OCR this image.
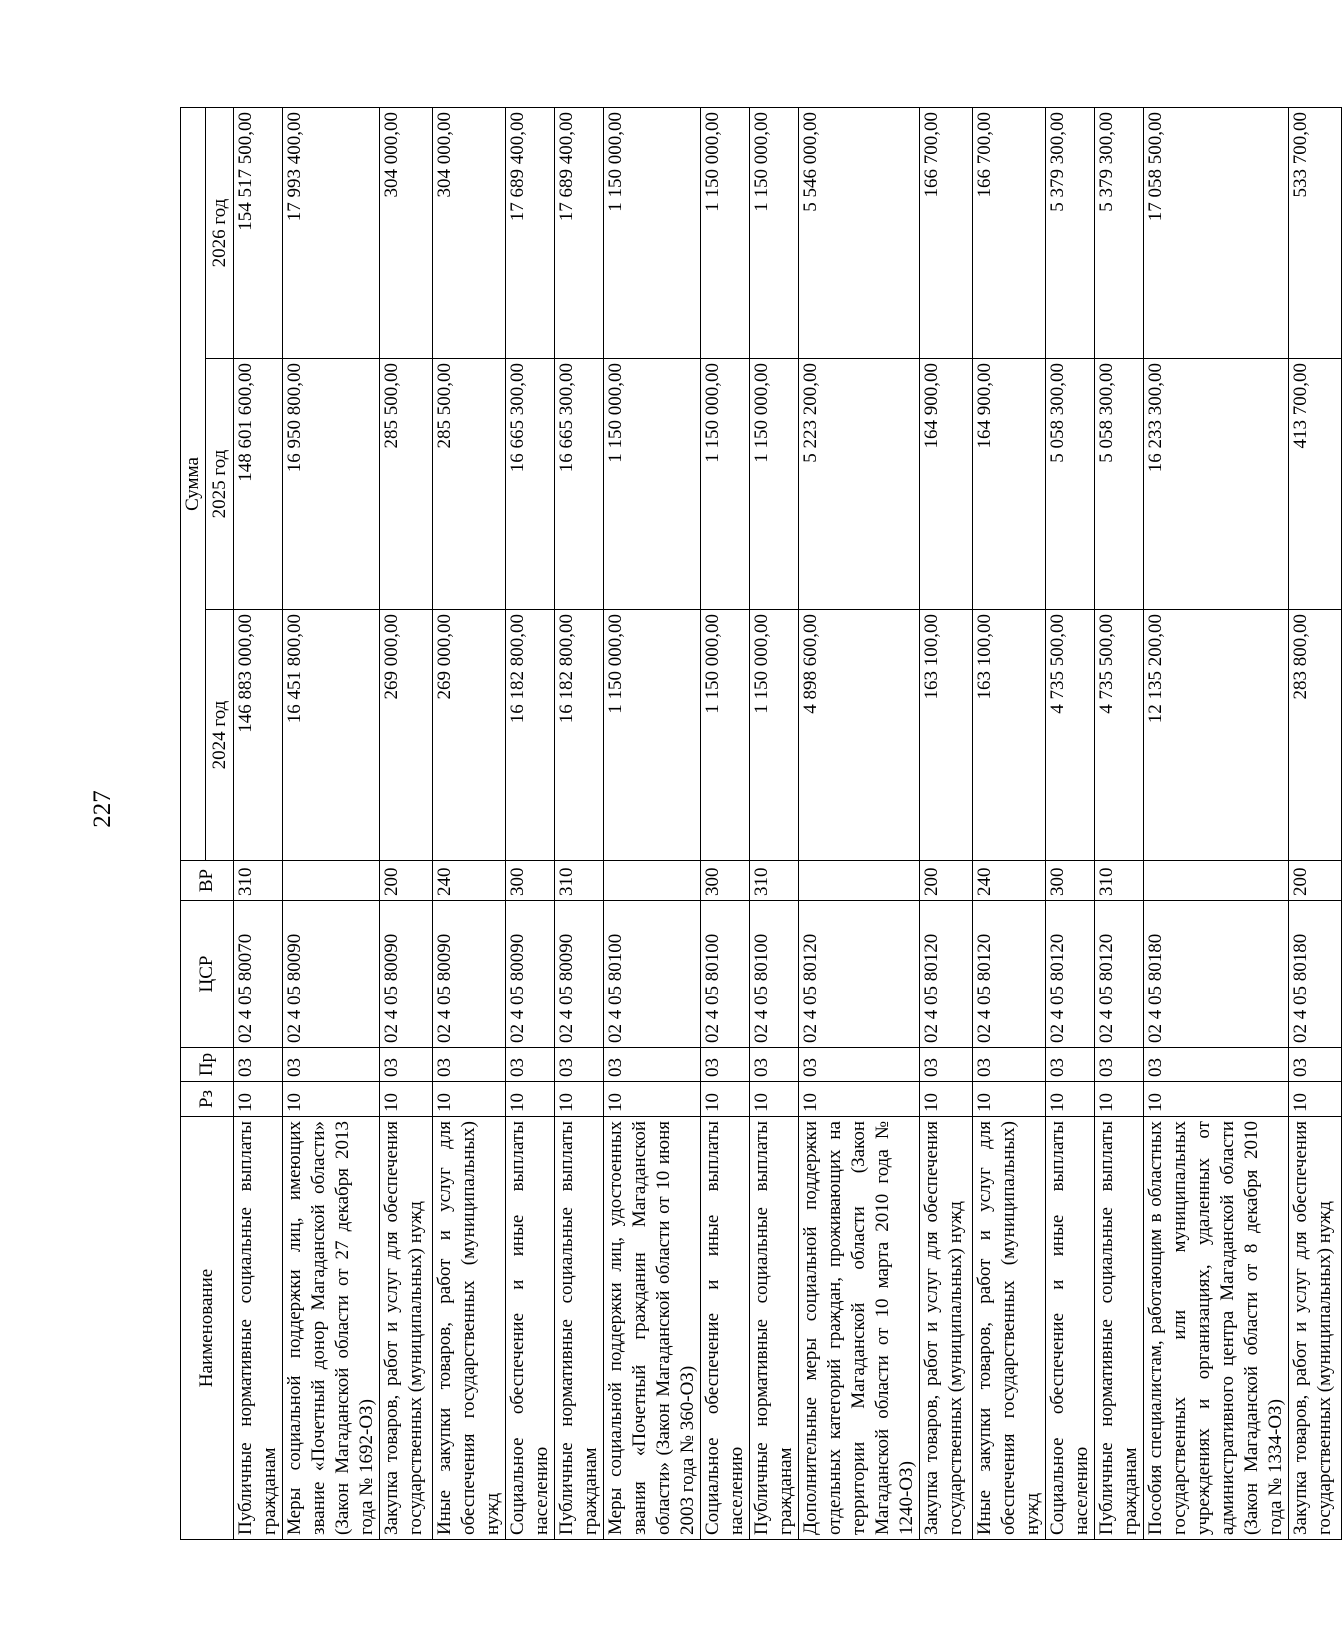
227
Наименование	Рз	Пр	ЦСР	ВР	Сумма		
					2024 год	2025 год	2026 год
Публичные нормативные социальные выплаты гражданам	10	03	02 4 05 80070	310	146 883 000,00	148 601 600,00	154 517 500,00
Меры социальной поддержки лиц, имеющих звание «Почетный донор Магаданской области» (Закон Магаданской области от 27 декабря 2013 года № 1692-ОЗ)	10	03	02 4 05 80090		16 451 800,00	16 950 800,00	17 993 400,00
Закупка товаров, работ и услуг для обеспечения государственных (муниципальных) нужд	10	03	02 4 05 80090	200	269 000,00	285 500,00	304 000,00
Иные закупки товаров, работ и услуг для обеспечения государственных (муниципальных) нужд	10	03	02 4 05 80090	240	269 000,00	285 500,00	304 000,00
Социальное обеспечение и иные выплаты населению	10	03	02 4 05 80090	300	16 182 800,00	16 665 300,00	17 689 400,00
Публичные нормативные социальные выплаты гражданам	10	03	02 4 05 80090	310	16 182 800,00	16 665 300,00	17 689 400,00
Меры социальной поддержки лиц, удостоенных звания «Почетный гражданин Магаданской области» (Закон Магаданской области от 10 июня 2003 года № 360-ОЗ)	10	03	02 4 05 80100		1 150 000,00	1 150 000,00	1 150 000,00
Социальное обеспечение и иные выплаты населению	10	03	02 4 05 80100	300	1 150 000,00	1 150 000,00	1 150 000,00
Публичные нормативные социальные выплаты гражданам	10	03	02 4 05 80100	310	1 150 000,00	1 150 000,00	1 150 000,00
Дополнительные меры социальной поддержки отдельных категорий граждан, проживающих на территории Магаданской области (Закон Магаданской области от 10 марта 2010 года № 1240-ОЗ)	10	03	02 4 05 80120		4 898 600,00	5 223 200,00	5 546 000,00
Закупка товаров, работ и услуг для обеспечения государственных (муниципальных) нужд	10	03	02 4 05 80120	200	163 100,00	164 900,00	166 700,00
Иные закупки товаров, работ и услуг для обеспечения государственных (муниципальных) нужд	10	03	02 4 05 80120	240	163 100,00	164 900,00	166 700,00
Социальное обеспечение и иные выплаты населению	10	03	02 4 05 80120	300	4 735 500,00	5 058 300,00	5 379 300,00
Публичные нормативные социальные выплаты гражданам	10	03	02 4 05 80120	310	4 735 500,00	5 058 300,00	5 379 300,00
Пособия специалистам, работающим в областных государственных или муниципальных учреждениях и организациях, удаленных от административного центра Магаданской области (Закон Магаданской области от 8 декабря 2010 года № 1334-ОЗ)	10	03	02 4 05 80180		12 135 200,00	16 233 300,00	17 058 500,00
Закупка товаров, работ и услуг для обеспечения государственных (муниципальных) нужд	10	03	02 4 05 80180	200	283 800,00	413 700,00	533 700,00
